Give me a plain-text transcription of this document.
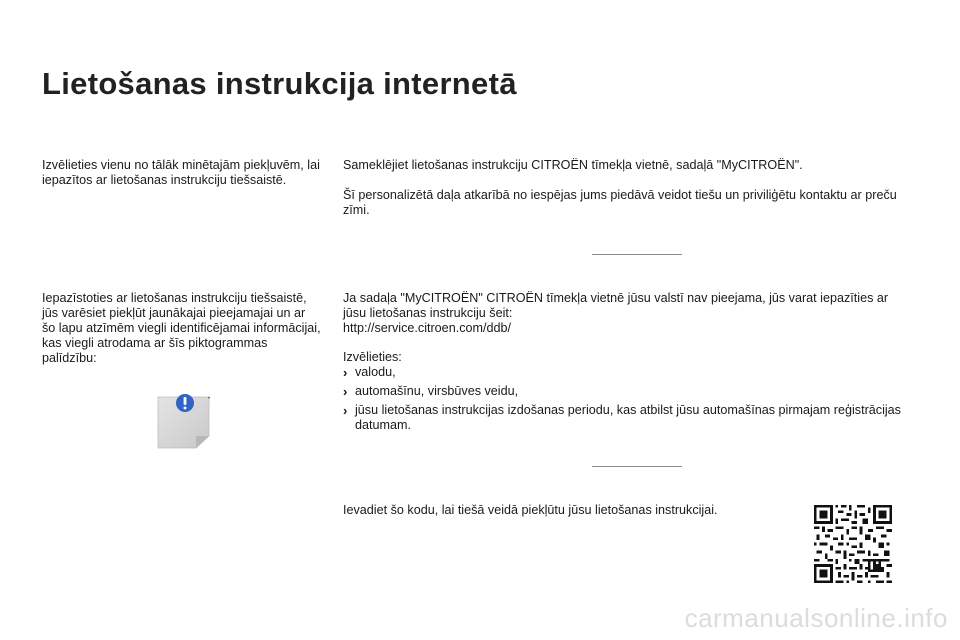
Lietošanas instrukcija internetā
Izvēlieties vienu no tālāk minētajām piekļuvēm, lai iepazītos ar lietošanas instrukciju tiešsaistē.
Iepazīstoties ar lietošanas instrukciju tiešsaistē, jūs varēsiet piekļūt jaunākajai pieejamajai un ar šo lapu atzīmēm viegli identificējamai informācijai, kas viegli atrodama ar šīs piktogrammas palīdzību:
•
Sameklējiet lietošanas instrukciju CITROËN tīmekļa vietnē, sadaļā "MyCITROËN".
Šī personalizētā daļa atkarībā no iespējas jums piedāvā veidot tiešu un priviliģētu kontaktu ar preču zīmi.
Ja sadaļa "MyCITROËN" CITROËN tīmekļa vietnē jūsu valstī nav pieejama, jūs varat iepazīties ar jūsu lietošanas instrukciju šeit:
http://service.citroen.com/ddb/
Izvēlieties:
› valodu,
› automašīnu, virsbūves veidu,
› jūsu lietošanas instrukcijas izdošanas periodu, kas atbilst jūsu automašīnas pirmajam reģistrācijas datumam.
Ievadiet šo kodu, lai tiešā veidā piekļūtu jūsu lietošanas instrukcijai.
carmanualsonline.info
